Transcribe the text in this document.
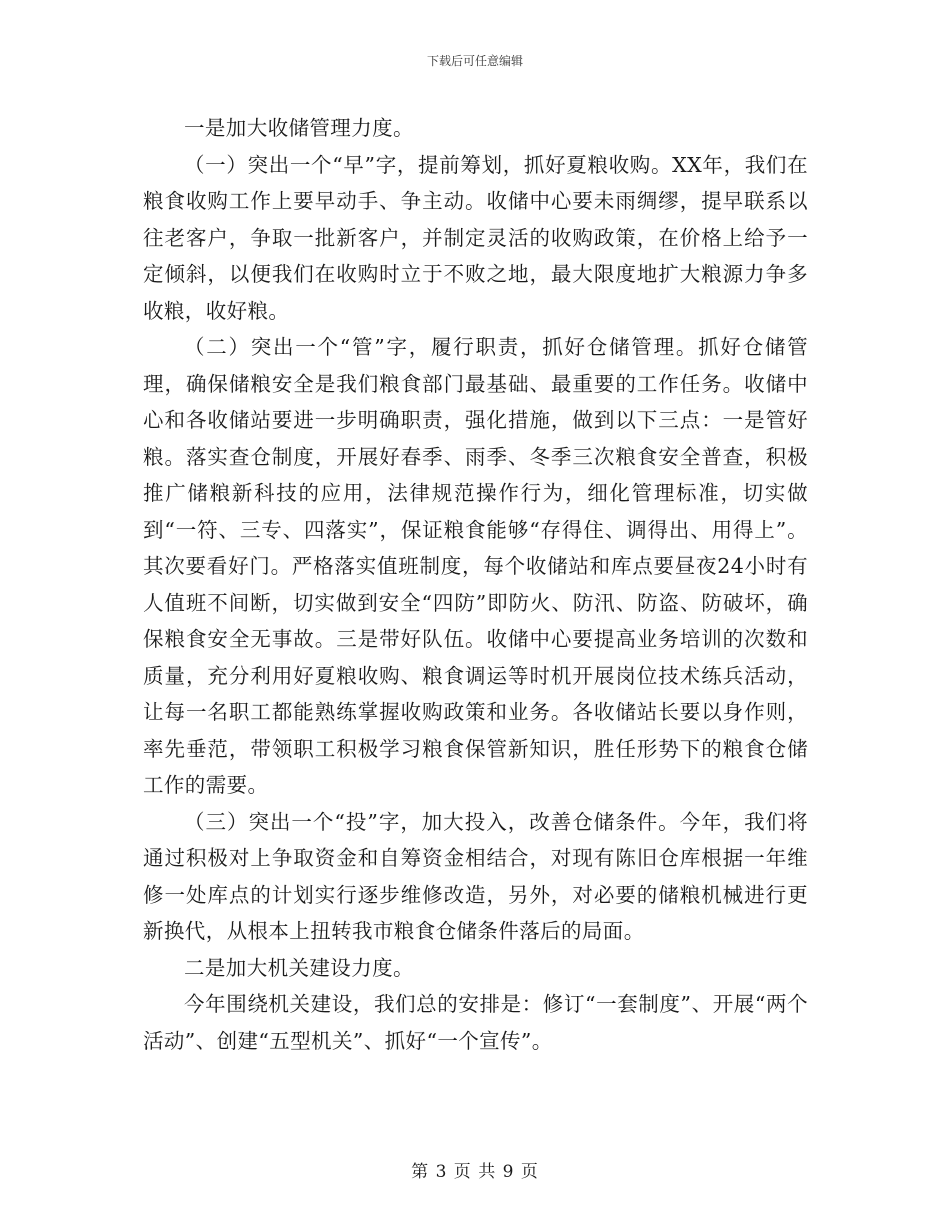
下载后可任意编辑

一是加大收储管理力度。

（一）突出一个“早”字，提前筹划，抓好夏粮收购。XX年，我们在粮食收购工作上要早动手、争主动。收储中心要未雨绸缪，提早联系以往老客户，争取一批新客户，并制定灵活的收购政策，在价格上给予一定倾斜，以便我们在收购时立于不败之地，最大限度地扩大粮源力争多收粮，收好粮。

（二）突出一个“管”字，履行职责，抓好仓储管理。抓好仓储管理，确保储粮安全是我们粮食部门最基础、最重要的工作任务。收储中心和各收储站要进一步明确职责，强化措施，做到以下三点：一是管好粮。落实查仓制度，开展好春季、雨季、冬季三次粮食安全普查，积极推广储粮新科技的应用，法律规范操作行为，细化管理标准，切实做到“一符、三专、四落实”，保证粮食能够“存得住、调得出、用得上”。其次要看好门。严格落实值班制度，每个收储站和库点要昼夜24小时有人值班不间断，切实做到安全“四防”即防火、防汛、防盗、防破坏，确保粮食安全无事故。三是带好队伍。收储中心要提高业务培训的次数和质量，充分利用好夏粮收购、粮食调运等时机开展岗位技术练兵活动，让每一名职工都能熟练掌握收购政策和业务。各收储站长要以身作则，率先垂范，带领职工积极学习粮食保管新知识，胜任形势下的粮食仓储工作的需要。

（三）突出一个“投”字，加大投入，改善仓储条件。今年，我们将通过积极对上争取资金和自筹资金相结合，对现有陈旧仓库根据一年维修一处库点的计划实行逐步维修改造，另外，对必要的储粮机械进行更新换代，从根本上扭转我市粮食仓储条件落后的局面。

二是加大机关建设力度。

今年围绕机关建设，我们总的安排是：修订“一套制度”、开展“两个活动”、创建“五型机关”、抓好“一个宣传”。

第 3 页 共 9 页
